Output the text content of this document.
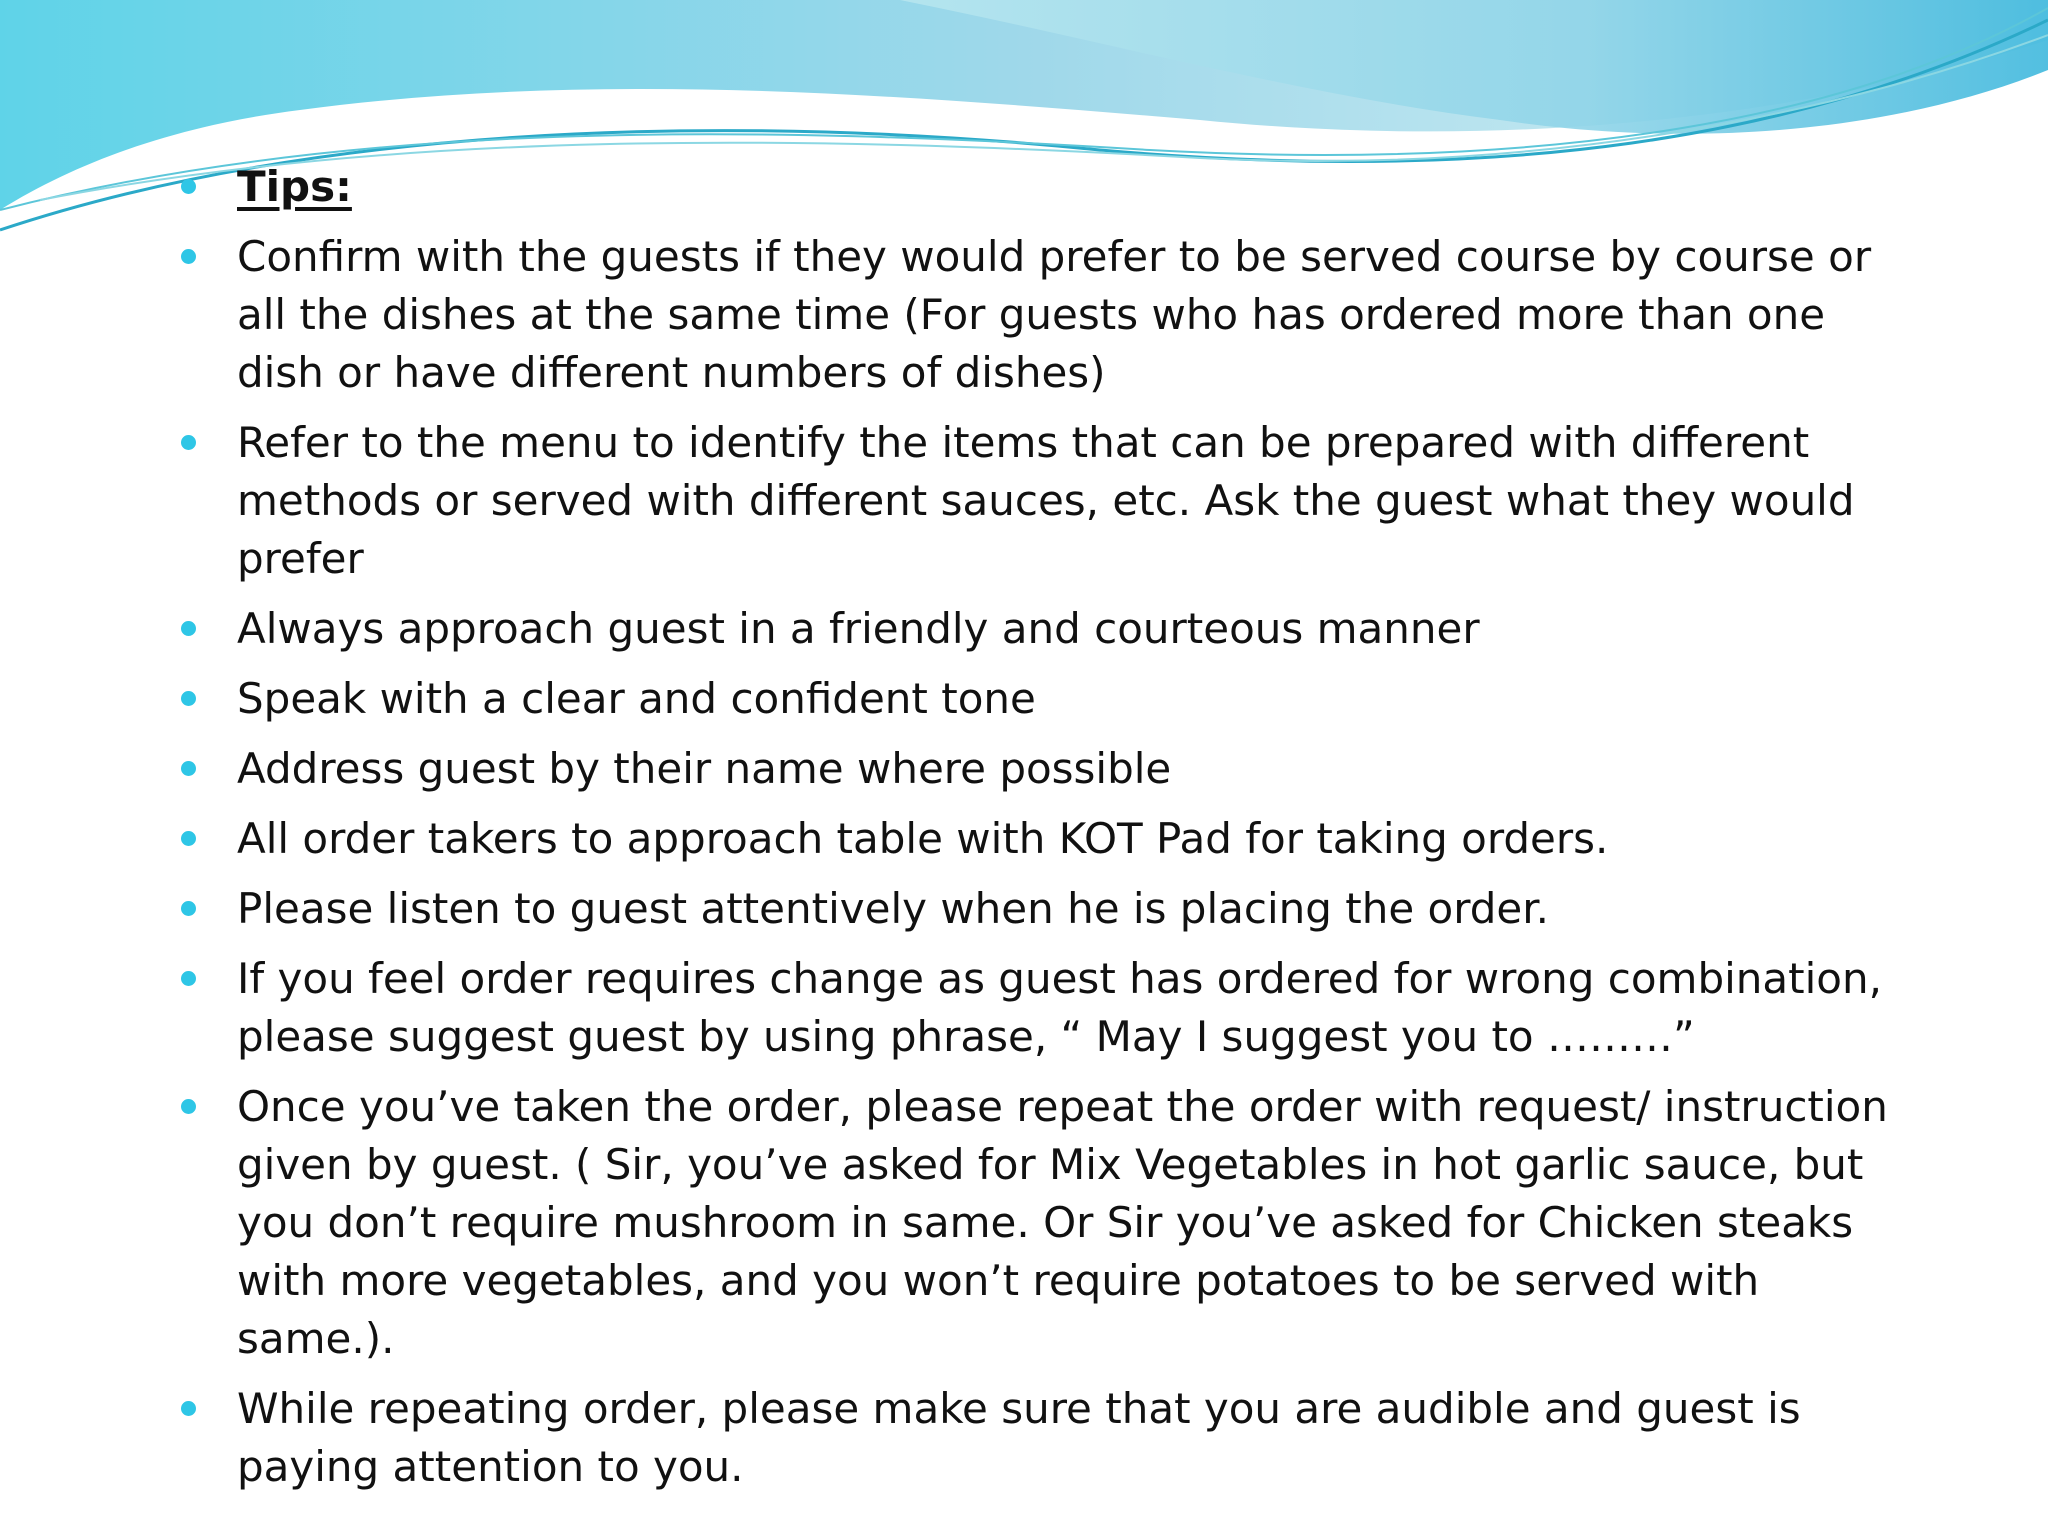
Tips:
Confirm with the guests if they would prefer to be served course by course or all the dishes at the same time (For guests who has ordered more than one dish or have different numbers of dishes)
Refer to the menu to identify the items that can be prepared with different methods or served with different sauces, etc. Ask the guest what they would prefer
Always approach guest in a friendly and courteous manner
Speak with a clear and confident tone
Address guest by their name where possible
All order takers to approach table with KOT Pad for taking orders.
Please listen to guest attentively when he is placing the order.
If you feel order requires change as guest has ordered for wrong combination, please suggest guest by using phrase, “ May I suggest you to ………”
Once you’ve taken the order, please repeat the order with request/ instruction given by guest. ( Sir, you’ve asked for Mix Vegetables in hot garlic sauce, but you don’t require mushroom in same. Or Sir you’ve asked for Chicken steaks with more vegetables, and you won’t require potatoes to be served with same.).
While repeating order, please make sure that you are audible and guest is paying attention to you.
